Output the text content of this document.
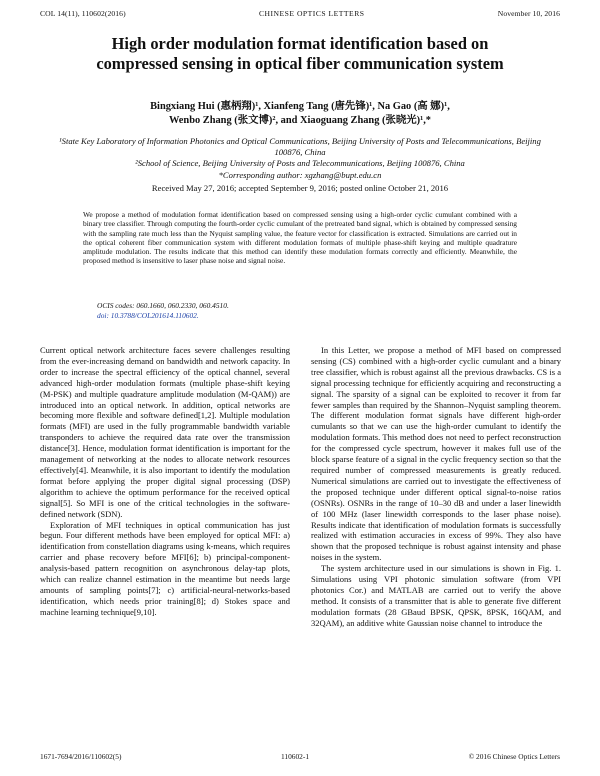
COL 14(11), 110602(2016)	CHINESE OPTICS LETTERS	November 10, 2016
High order modulation format identification based on compressed sensing in optical fiber communication system
Bingxiang Hui (惠柄翔)¹, Xianfeng Tang (唐先锋)¹, Na Gao (高 娜)¹,
Wenbo Zhang (张文博)², and Xiaoguang Zhang (张晓光)¹,*

¹State Key Laboratory of Information Photonics and Optical Communications, Beijing University of Posts and Telecommunications, Beijing 100876, China

²School of Science, Beijing University of Posts and Telecommunications, Beijing 100876, China

*Corresponding author: xgzhang@bupt.edu.cn

Received May 27, 2016; accepted September 9, 2016; posted online October 21, 2016

We propose a method of modulation format identification based on compressed sensing using a high-order cyclic cumulant combined with a binary tree classifier. Through computing the fourth-order cyclic cumulant of the pretreated band signal, which is obtained by compressed sensing with the sampling rate much less than the Nyquist sampling value, the feature vector for classification is extracted. Simulations are carried out in the optical coherent fiber communication system with different modulation formats of multiple phase-shift keying and multiple quadrature amplitude modulation. The results indicate that this method can identify these modulation formats correctly and efficiently. Meanwhile, the proposed method is insensitive to laser phase noise and signal noise.

OCIS codes: 060.1660, 060.2330, 060.4510.
doi: 10.3788/COL201614.110602.

Current optical network architecture faces severe challenges resulting from the ever-increasing demand on bandwidth and network capacity. In order to increase the spectral efficiency of the optical channel, several advanced high-order modulation formats (multiple phase-shift keying (M-PSK) and multiple quadrature amplitude modulation (M-QAM)) are introduced into an optical network. In addition, optical networks are becoming more flexible and software defined[1,2]. Multiple modulation formats (MFI) are used in the fully programmable bandwidth variable transponders to achieve the required data rate over the transmission distance[3]. Hence, modulation format identification is important for the management of networking at the nodes to allocate network resources effectively[4]. Meanwhile, it is also important to identify the modulation format before applying the proper digital signal processing (DSP) algorithm to achieve the optimum performance for the received optical signal[5]. So MFI is one of the critical technologies in the software-defined network (SDN).

Exploration of MFI techniques in optical communication has just begun. Four different methods have been employed for optical MFI: a) identification from constellation diagrams using k-means, which requires carrier and phase recovery before MFI[6]; b) principal-component-analysis-based pattern recognition on asynchronous delay-tap plots, which can realize channel estimation in the meantime but needs large amounts of sampling points[7]; c) artificial-neural-networks-based identification, which needs prior training[8]; d) Stokes space and machine learning technique[9,10].

In this Letter, we propose a method of MFI based on compressed sensing (CS) combined with a high-order cyclic cumulant and a binary tree classifier, which is robust against all the previous drawbacks. CS is a signal processing technique for efficiently acquiring and reconstructing a signal. The sparsity of a signal can be exploited to recover it from far fewer samples than required by the Shannon–Nyquist sampling theorem. The different modulation format signals have different high-order cumulants so that we can use the high-order cumulant to identify the modulation formats. This method does not need to perfect reconstruction for the compressed cycle spectrum, however it makes full use of the block sparse feature of a signal in the cyclic frequency section so that the required number of compressed measurements is greatly reduced. Numerical simulations are carried out to investigate the effectiveness of the proposed technique under different optical signal-to-noise ratios (OSNRs). OSNRs in the range of 10–30 dB and under a laser linewidth of 100 MHz (laser linewidth corresponds to the laser phase noise). Results indicate that identification of modulation formats is successfully realized with estimation accuracies in excess of 99%. They also have shown that the proposed technique is robust against intensity and phase noises in the system.

The system architecture used in our simulations is shown in Fig. 1. Simulations using VPI photonic simulation software (from VPI photonics Cor.) and MATLAB are carried out to verify the above method. It consists of a transmitter that is able to generate five different modulation formats (28 GBaud BPSK, QPSK, 8PSK, 16QAM, and 32QAM), an additive white Gaussian noise channel to introduce the

1671-7694/2016/110602(5)	110602-1	© 2016 Chinese Optics Letters
